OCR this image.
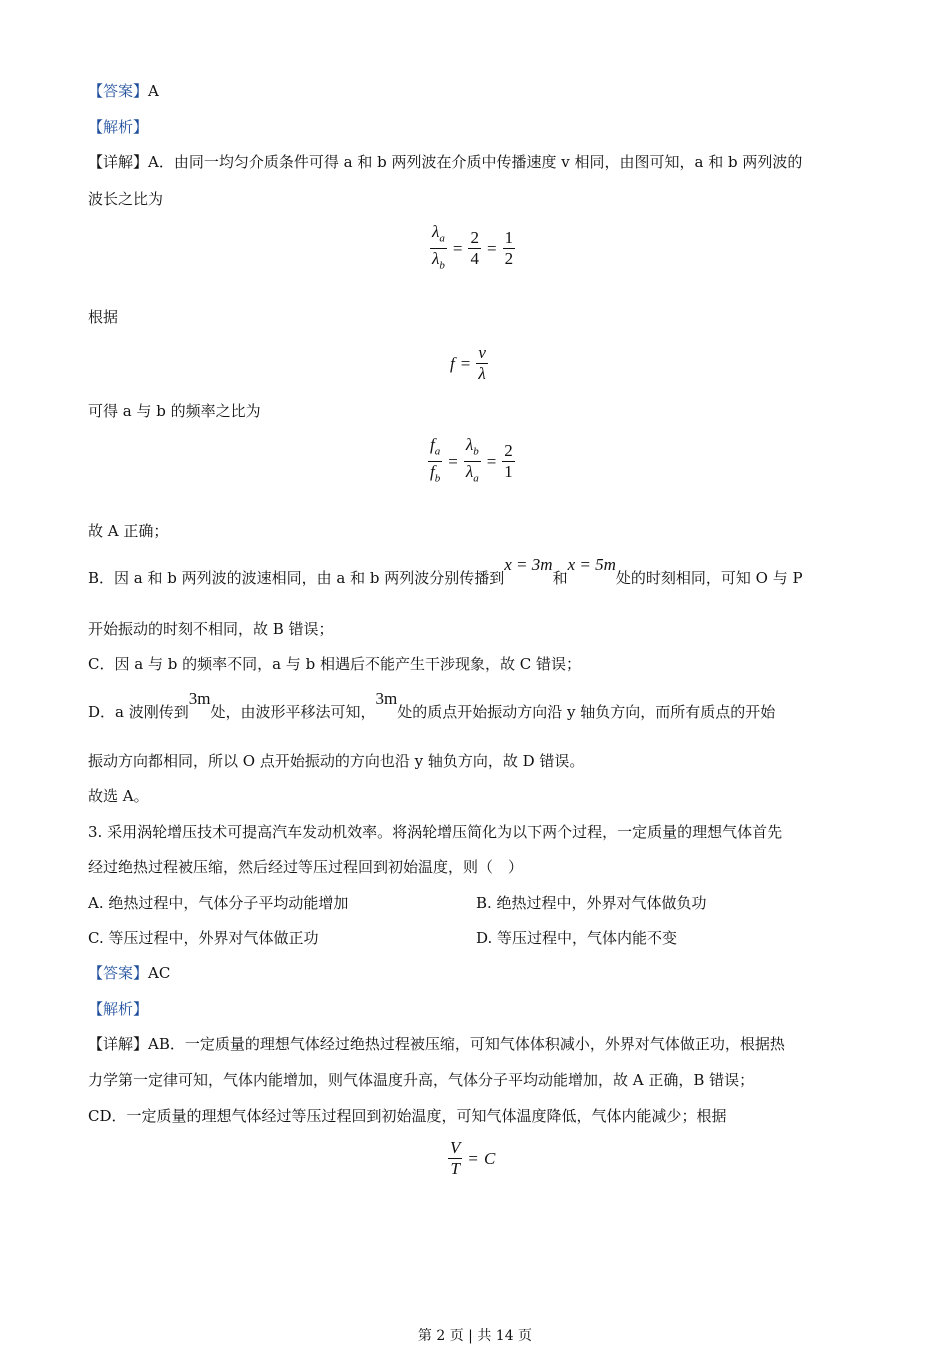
【答案】A
【解析】
【详解】A．由同一均匀介质条件可得 a 和 b 两列波在介质中传播速度 v 相同，由图可知，a 和 b 两列波的
波长之比为
$\frac{\lambda_a}{\lambda_b} = \frac{2}{4} = \frac{1}{2}$
根据
$f = \frac{v}{\lambda}$
可得 a 与 b 的频率之比为
$\frac{f_a}{f_b} = \frac{\lambda_b}{\lambda_a} = \frac{2}{1}$
故 A 正确；
B．因 a 和 b 两列波的波速相同，由 a 和 b 两列波分别传播到x = 3m和x = 5m处的时刻相同，可知 O 与 P
开始振动的时刻不相同，故 B 错误；
C．因 a 与 b 的频率不同，a 与 b 相遇后不能产生干涉现象，故 C 错误；
D．a 波刚传到3m处，由波形平移法可知，3m处的质点开始振动方向沿 y 轴负方向，而所有质点的开始
振动方向都相同，所以 O 点开始振动的方向也沿 y 轴负方向，故 D 错误。
故选 A。
3. 采用涡轮增压技术可提高汽车发动机效率。将涡轮增压简化为以下两个过程，一定质量的理想气体首先
经过绝热过程被压缩，然后经过等压过程回到初始温度，则（　）
A. 绝热过程中，气体分子平均动能增加	B. 绝热过程中，外界对气体做负功
C. 等压过程中，外界对气体做正功	D. 等压过程中，气体内能不变
【答案】AC
【解析】
【详解】AB．一定质量的理想气体经过绝热过程被压缩，可知气体体积减小，外界对气体做正功，根据热
力学第一定律可知，气体内能增加，则气体温度升高，气体分子平均动能增加，故 A 正确，B 错误；
CD．一定质量的理想气体经过等压过程回到初始温度，可知气体温度降低，气体内能减少；根据
$\frac{V}{T} = C$
第 2 页 | 共 14 页
